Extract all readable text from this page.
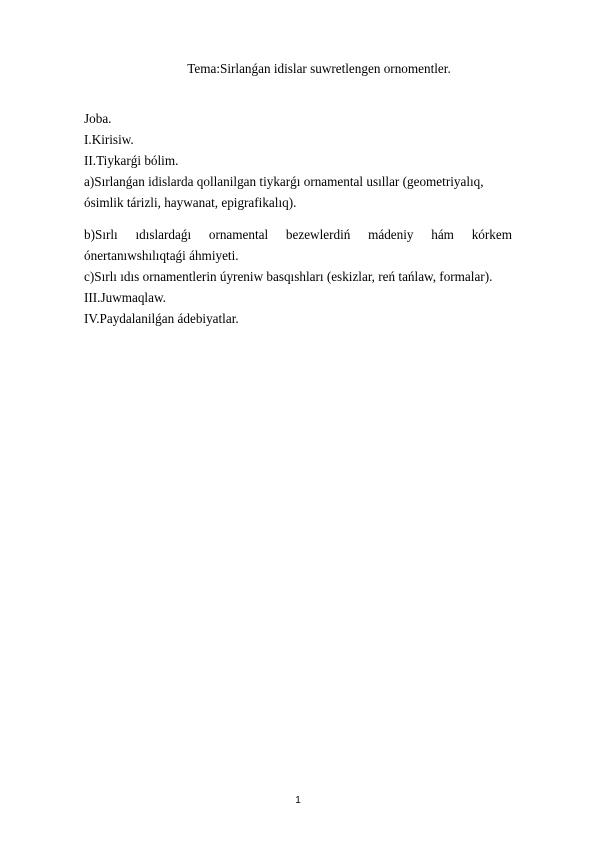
Tema:Sirlanǵan idislar suwretlengen ornomentler.
Joba.
I.Kirisiw.
II.Tiykarǵi bólim.
a)Sırlanǵan idislarda qollanilgan tiykarǵı ornamental usıllar (geometriyalıq,
ósimlik tárizli, haywanat, epigrafikalıq).
b)Sırlı ıdıslardaǵı ornamental bezewlerdiń mádeniy hám kórkem
ónertanıwshılıqtaǵi áhmiyeti.
c)Sırlı ıdıs ornamentlerin úyreniw basqıshları (eskizlar, reń tańlaw, formalar).
III.Juwmaqlaw.
IV.Paydalanilǵan ádebiyatlar.
1
